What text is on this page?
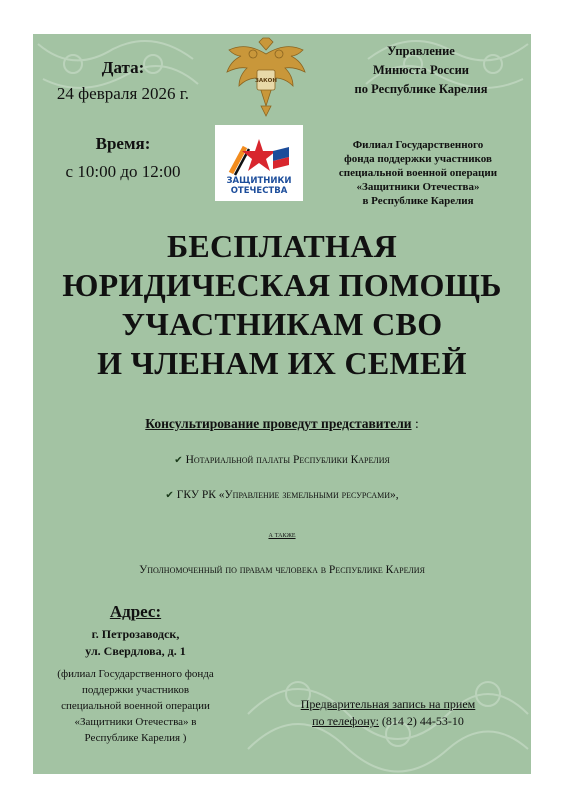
Дата:
24 февраля 2026 г.
ЗАКОН
Управление
Минюста России
по Республике Карелия
Время:
с 10:00 до 12:00	ЗАЩИТНИКИ
ОТЕЧЕСТВА
Филиал Государственного
фонда поддержки участников
специальной военной операции
«Защитники Отечества»
в Республике Карелия
БЕСПЛАТНАЯ
ЮРИДИЧЕСКАЯ ПОМОЩЬ
УЧАСТНИКАМ СВО
И ЧЛЕНАМ ИХ СЕМЕЙ
Консультирование проведут представители :
✔ Нотариальной палаты Республики Карелия
✔ ГКУ РК «Управление земельными ресурсами»,
а также
Уполномоченный по правам человека в Республике Карелия
Адрес:
г. Петрозаводск,
ул. Свердлова, д. 1
(филиал Государственного фонда
поддержки участников
специальной военной операции
«Защитники Отечества» в
Республике Карелия )
Предварительная запись на прием
по телефону: (814 2) 44-53-10
